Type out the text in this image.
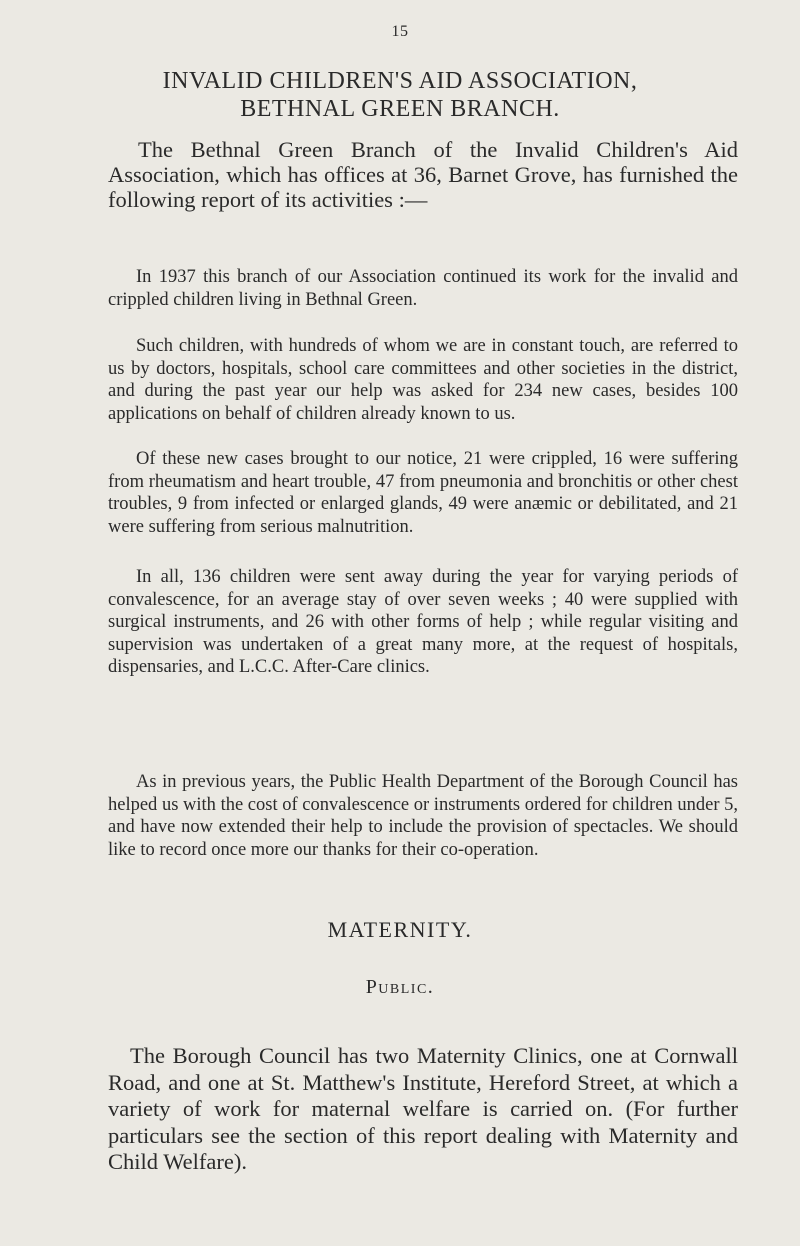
15
INVALID CHILDREN'S AID ASSOCIATION,
BETHNAL GREEN BRANCH.

The Bethnal Green Branch of the Invalid Children's Aid Association, which has offices at 36, Barnet Grove, has furnished the following report of its activities :—

In 1937 this branch of our Association continued its work for the invalid and crippled children living in Bethnal Green.

Such children, with hundreds of whom we are in constant touch, are referred to us by doctors, hospitals, school care committees and other societies in the district, and during the past year our help was asked for 234 new cases, besides 100 applications on behalf of children already known to us.

Of these new cases brought to our notice, 21 were crippled, 16 were suffering from rheumatism and heart trouble, 47 from pneumonia and bronchitis or other chest troubles, 9 from infected or enlarged glands, 49 were anæmic or debilitated, and 21 were suffering from serious malnutrition.

In all, 136 children were sent away during the year for varying periods of convalescence, for an average stay of over seven weeks ; 40 were supplied with surgical instruments, and 26 with other forms of help ; while regular visiting and supervision was undertaken of a great many more, at the request of hospitals, dispensaries, and L.C.C. After-Care clinics.

As in previous years, the Public Health Department of the Borough Council has helped us with the cost of convalescence or instruments ordered for children under 5, and have now extended their help to include the provision of spectacles. We should like to record once more our thanks for their co-operation.

MATERNITY.
Public.

The Borough Council has two Maternity Clinics, one at Cornwall Road, and one at St. Matthew's Institute, Hereford Street, at which a variety of work for maternal welfare is carried on. (For further particulars see the section of this report dealing with Maternity and Child Welfare).
